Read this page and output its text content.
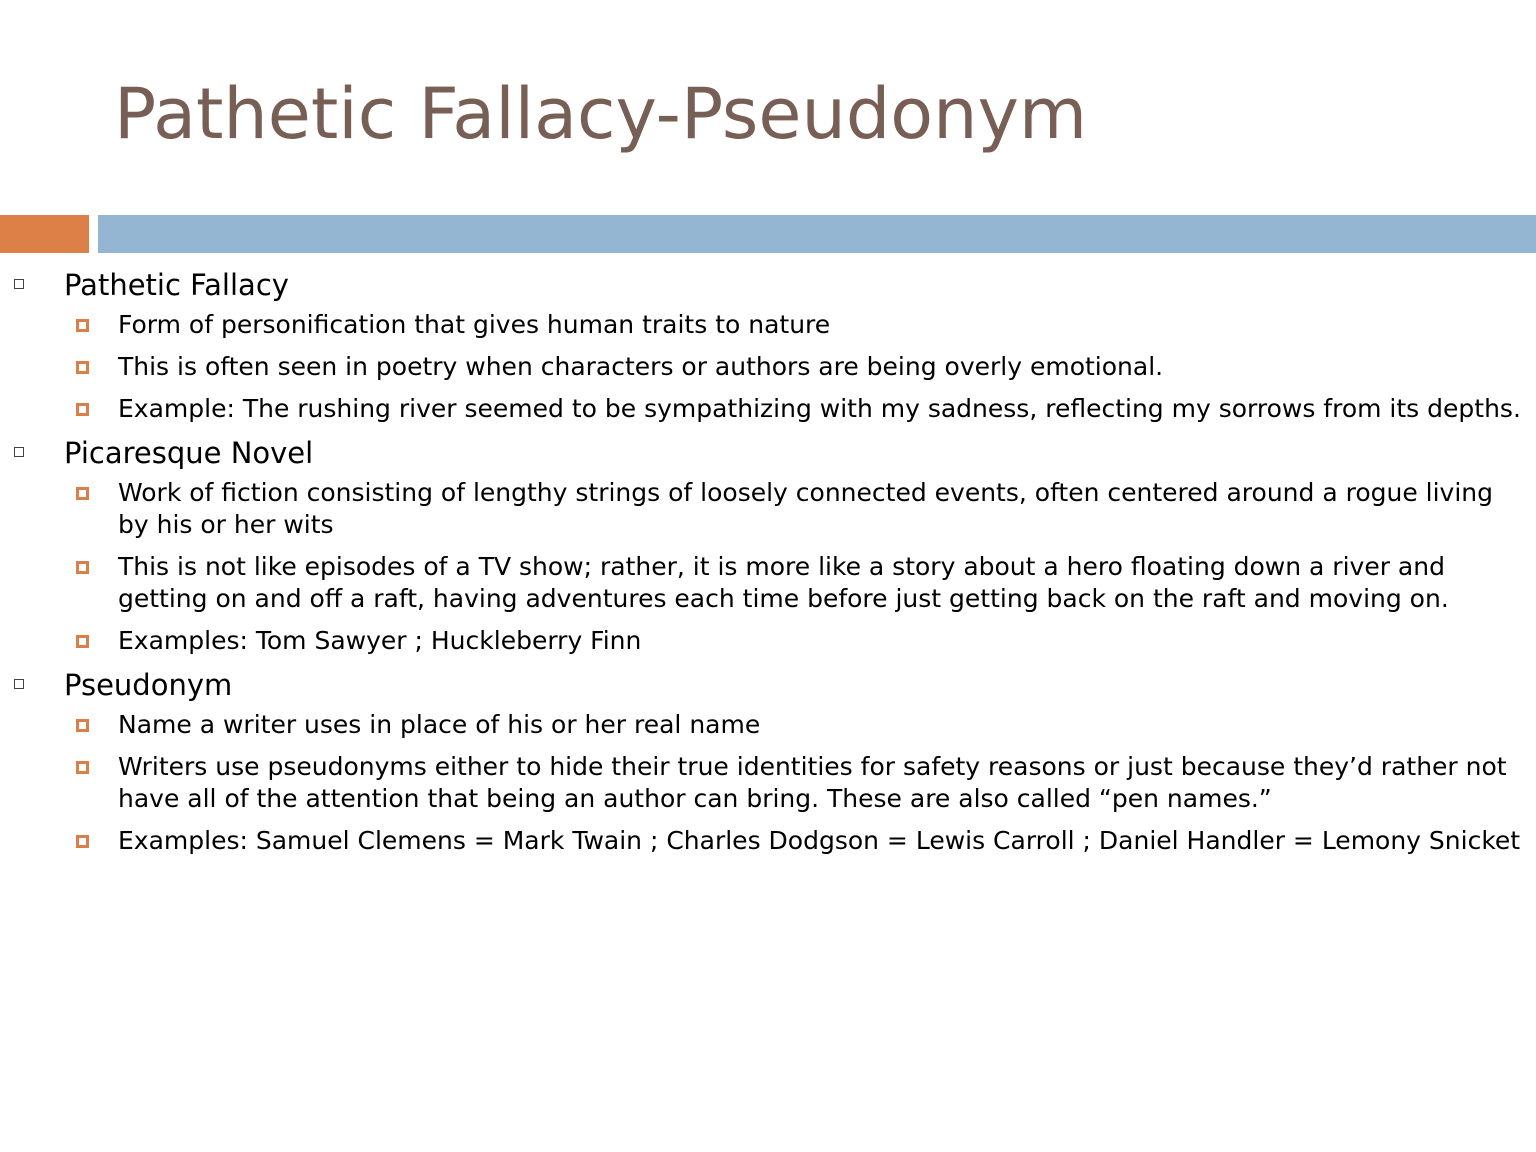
Pathetic Fallacy-Pseudonym
Pathetic Fallacy
Form of personification that gives human traits to nature
This is often seen in poetry when characters or authors are being overly emotional.
Example: The rushing river seemed to be sympathizing with my sadness, reflecting my sorrows from its depths.
Picaresque Novel
Work of fiction consisting of lengthy strings of loosely connected events, often centered around a rogue living by his or her wits
This is not like episodes of a TV show; rather, it is more like a story about a hero floating down a river and getting on and off a raft, having adventures each time before just getting back on the raft and moving on.
Examples: Tom Sawyer ; Huckleberry Finn
Pseudonym
Name a writer uses in place of his or her real name
Writers use pseudonyms either to hide their true identities for safety reasons or just because they’d rather not have all of the attention that being an author can bring. These are also called “pen names.”
Examples: Samuel Clemens = Mark Twain ; Charles Dodgson = Lewis Carroll ; Daniel Handler = Lemony Snicket
